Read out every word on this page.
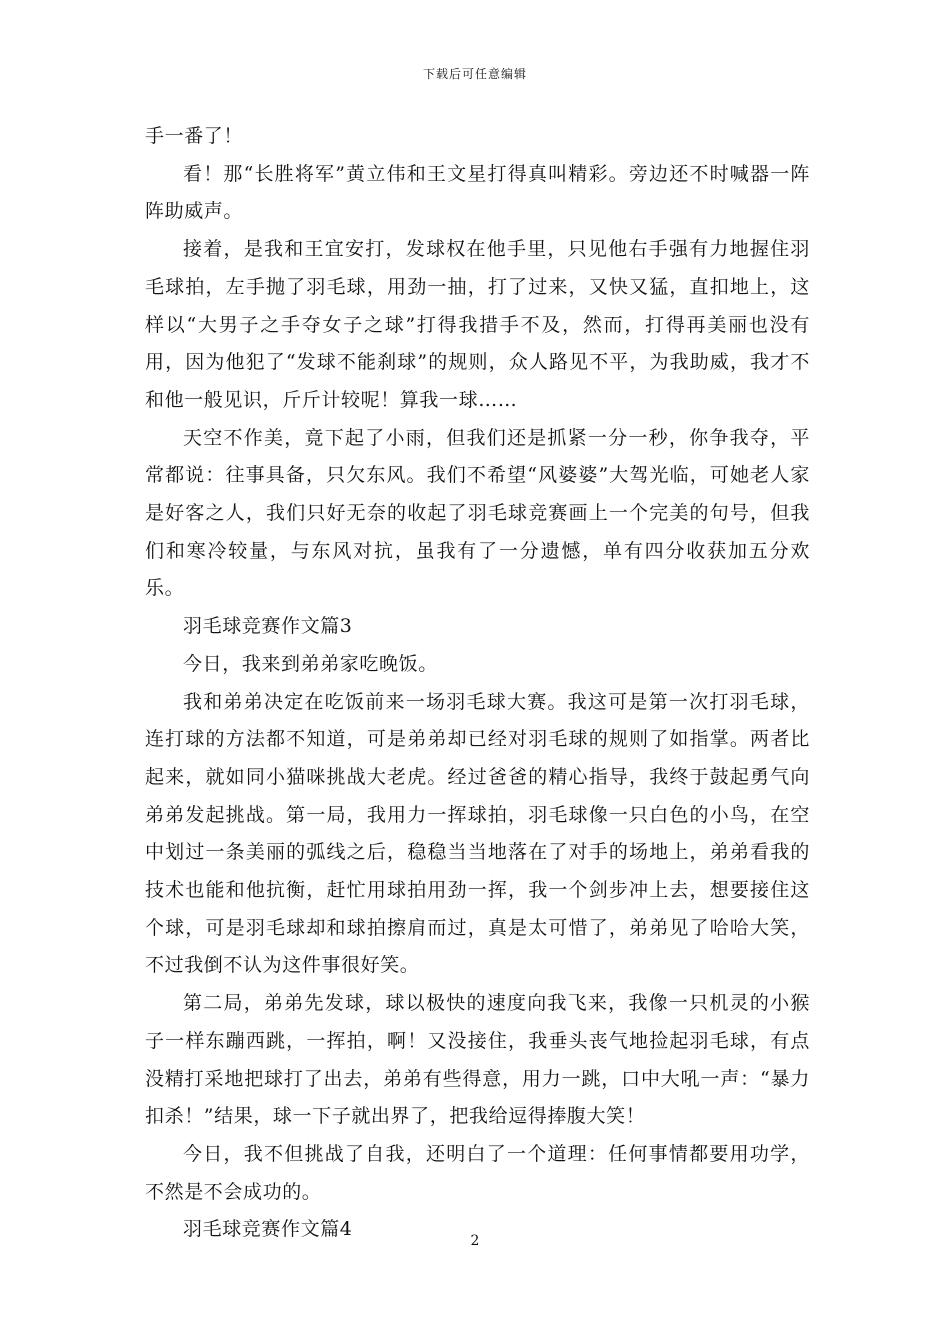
下载后可任意编辑

手一番了！

看！那“长胜将军”黄立伟和王文星打得真叫精彩。旁边还不时喊器一阵阵助威声。

接着，是我和王宜安打，发球权在他手里，只见他右手强有力地握住羽毛球拍，左手抛了羽毛球，用劲一抽，打了过来，又快又猛，直扣地上，这样以“大男子之手夺女子之球”打得我措手不及，然而，打得再美丽也没有用，因为他犯了“发球不能刹球”的规则，众人路见不平，为我助威，我才不和他一般见识，斤斤计较呢！算我一球……

天空不作美，竟下起了小雨，但我们还是抓紧一分一秒，你争我夺，平常都说：往事具备，只欠东风。我们不希望“风婆婆”大驾光临，可她老人家是好客之人，我们只好无奈的收起了羽毛球竞赛画上一个完美的句号，但我们和寒冷较量，与东风对抗，虽我有了一分遗憾，单有四分收获加五分欢乐。

羽毛球竞赛作文篇3

今日，我来到弟弟家吃晚饭。

我和弟弟决定在吃饭前来一场羽毛球大赛。我这可是第一次打羽毛球，连打球的方法都不知道，可是弟弟却已经对羽毛球的规则了如指掌。两者比起来，就如同小猫咪挑战大老虎。经过爸爸的精心指导，我终于鼓起勇气向弟弟发起挑战。第一局，我用力一挥球拍，羽毛球像一只白色的小鸟，在空中划过一条美丽的弧线之后，稳稳当当地落在了对手的场地上，弟弟看我的技术也能和他抗衡，赶忙用球拍用劲一挥，我一个剑步冲上去，想要接住这个球，可是羽毛球却和球拍擦肩而过，真是太可惜了，弟弟见了哈哈大笑，不过我倒不认为这件事很好笑。

第二局，弟弟先发球，球以极快的速度向我飞来，我像一只机灵的小猴子一样东蹦西跳，一挥拍，啊！又没接住，我垂头丧气地捡起羽毛球，有点没精打采地把球打了出去，弟弟有些得意，用力一跳，口中大吼一声：“暴力扣杀！”结果，球一下子就出界了，把我给逗得捧腹大笑！

今日，我不但挑战了自我，还明白了一个道理：任何事情都要用功学，不然是不会成功的。

羽毛球竞赛作文篇4

2
